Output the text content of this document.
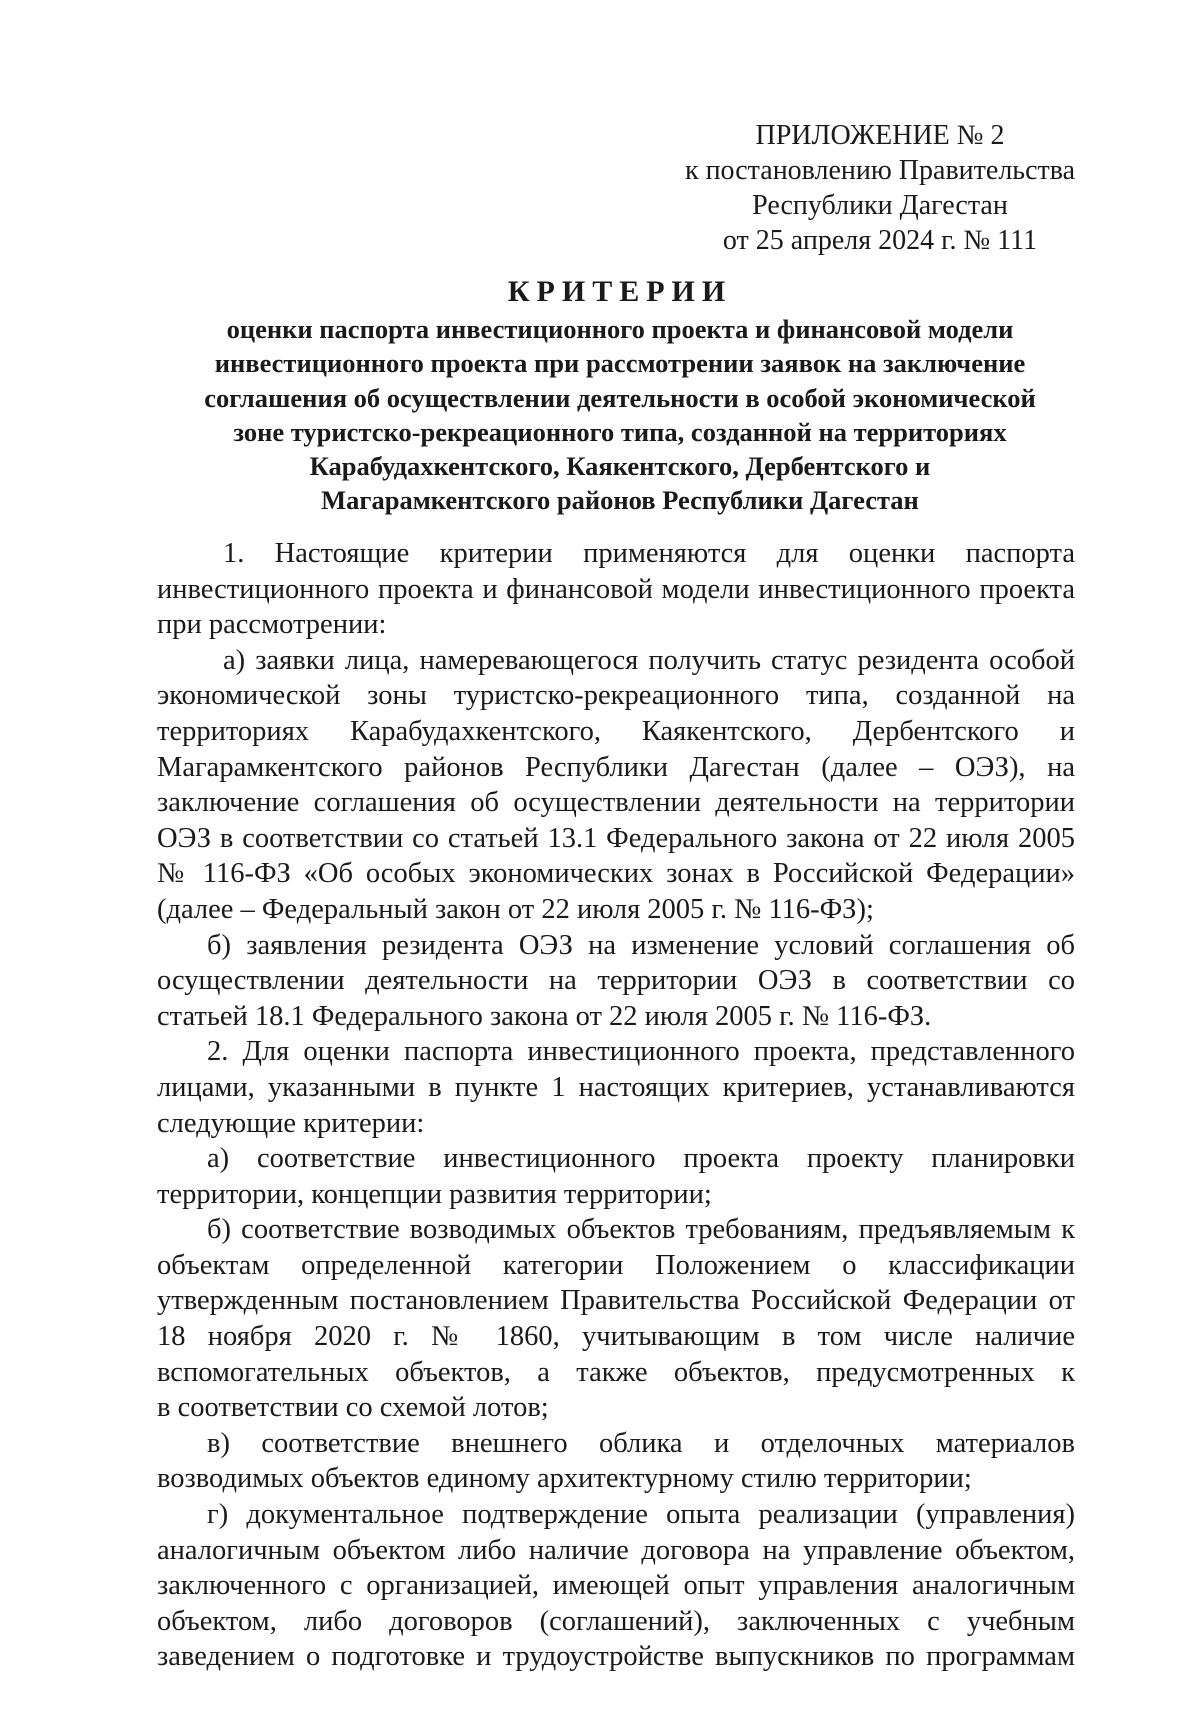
ПРИЛОЖЕНИЕ № 2
к постановлению Правительства
Республики Дагестан
от 25 апреля 2024 г. № 111
КРИТЕРИИ
оценки паспорта инвестиционного проекта и финансовой модели
инвестиционного проекта при рассмотрении заявок на заключение
соглашения об осуществлении деятельности в особой экономической
зоне туристско-рекреационного типа, созданной на территориях
Карабудахкентского, Каякентского, Дербентского и
Магарамкентского районов Республики Дагестан
1. Настоящие критерии применяются для оценки паспорта
инвестиционного проекта и финансовой модели инвестиционного проекта
при рассмотрении:
а) заявки лица, намеревающегося получить статус резидента особой
экономической зоны туристско-рекреационного типа, созданной на
территориях Карабудахкентского, Каякентского, Дербентского и
Магарамкентского районов Республики Дагестан (далее – ОЭЗ), на
заключение соглашения об осуществлении деятельности на территории
ОЭЗ в соответствии со статьей 13.1 Федерального закона от 22 июля 2005
№ 116-ФЗ «Об особых экономических зонах в Российской Федерации»
(далее – Федеральный закон от 22 июля 2005 г. № 116-ФЗ);
б) заявления резидента ОЭЗ на изменение условий соглашения об
осуществлении деятельности на территории ОЭЗ в соответствии со
статьей 18.1 Федерального закона от 22 июля 2005 г. № 116-ФЗ.
2. Для оценки паспорта инвестиционного проекта, представленного
лицами, указанными в пункте 1 настоящих критериев, устанавливаются
следующие критерии:
а) соответствие инвестиционного проекта проекту планировки
территории, концепции развития территории;
б) соответствие возводимых объектов требованиям, предъявляемым к
объектам определенной категории Положением о классификации
утвержденным постановлением Правительства Российской Федерации от
18 ноября 2020 г. № 1860, учитывающим в том числе наличие
вспомогательных объектов, а также объектов, предусмотренных к
в соответствии со схемой лотов;
в) соответствие внешнего облика и отделочных материалов
возводимых объектов единому архитектурному стилю территории;
г) документальное подтверждение опыта реализации (управления)
аналогичным объектом либо наличие договора на управление объектом,
заключенного с организацией, имеющей опыт управления аналогичным
объектом, либо договоров (соглашений), заключенных с учебным
заведением о подготовке и трудоустройстве выпускников по программам
